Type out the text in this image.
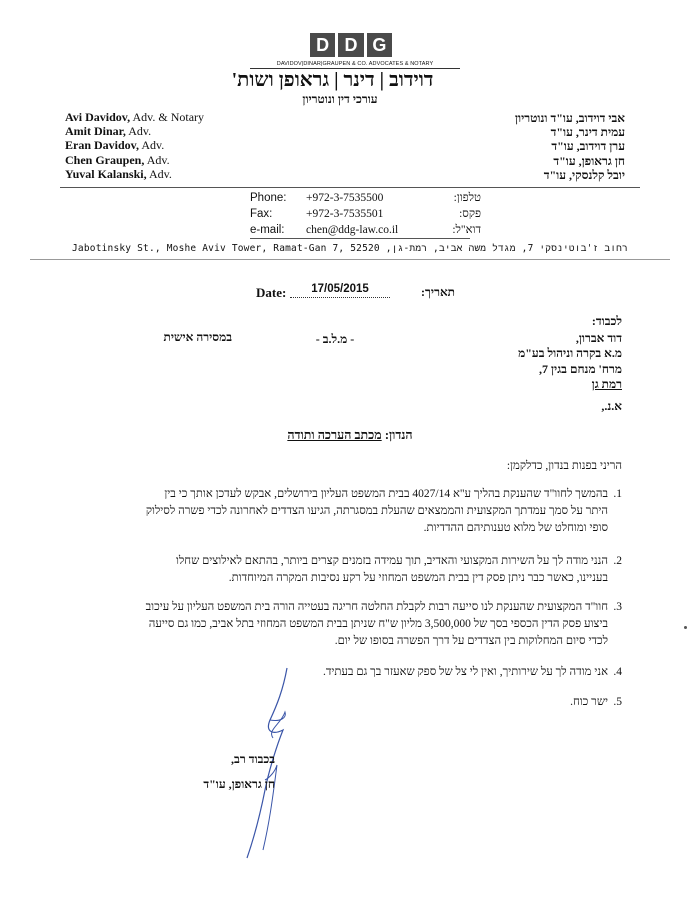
D D G
DAVIDOV|DINAR|GRAUPEN & CO. ADVOCATES & NOTARY
דוידוב | דינר | גראופן ושות'
עורכי דין ונוטריון
Avi Davidov, Adv. & Notary
Amit Dinar, Adv.
Eran Davidov, Adv.
Chen Graupen, Adv.
Yuval Kalanski, Adv.
אבי דוידוב, עו"ד ונוטריון
עמית דינר, עו"ד
ערן דוידוב, עו"ד
חן גראופן, עו"ד
יובל קלנסקי, עו"ד
Phone:	+972-3-7535500	טלפון:
Fax:	+972-3-7535501	פקס:
e-mail:	chen@ddg-law.co.il	דוא"ל:
רחוב ז'בוטינסקי 7, מגדל משה אביב, רמת-גן, 52520 ,7 Jabotinsky St., Moshe Aviv Tower, Ramat-Gan
Date:	17/05/2015	תאריך:
לכבוד:
דוד אברון,
מ.א בקרה וניהול בע"מ
מרח' מנחם בגין 7,
רמת גן
- מ.ל.ב -
במסירה אישית
א.נ.,
הנדון: מכתב הערכה ותודה
הריני בפנות בנדון, כדלקמן:
1.
בהמשך לחוו"ד שהענקת בהליך ע"א 4027/14 בבית המשפט העליון בירושלים, אבקש לעדכן אותך כי בין
היתר על סמך עמדתך המקצועית והממצאים שהעלת במסגרתה, הגיעו הצדדים לאחרונה לכדי פשרה לסילוק
סופי ומוחלט של מלוא טענותיהם ההדדיות.
2.
הנני מודה לך על השירות המקצועי והאדיב, תוך עמידה בזמנים קצרים ביותר, בהתאם לאילוצים שחלו
בעניינו, כאשר כבר ניתן פסק דין בבית המשפט המחוזי על רקע נסיבות המקרה המיוחדות.
3.
חוו"ד המקצועית שהענקת לנו סייעה רבות לקבלת החלטה חריגה בעטייה הורה בית המשפט העליון על עיכוב
ביצוע פסק הדין הכספי בסך של 3,500,000 מליון ש"ח שניתן בבית המשפט המחוזי בתל אביב, כמו גם סייעה
לכדי סיום המחלוקות בין הצדדים על דרך הפשרה בסופו של יום.
4.
אני מודה לך על שירותיך, ואין לי צל של ספק שאעזר בך גם בעתיד.
5.
ישר כוח.
בכבוד רב,
חן גראופן, עו"ד
